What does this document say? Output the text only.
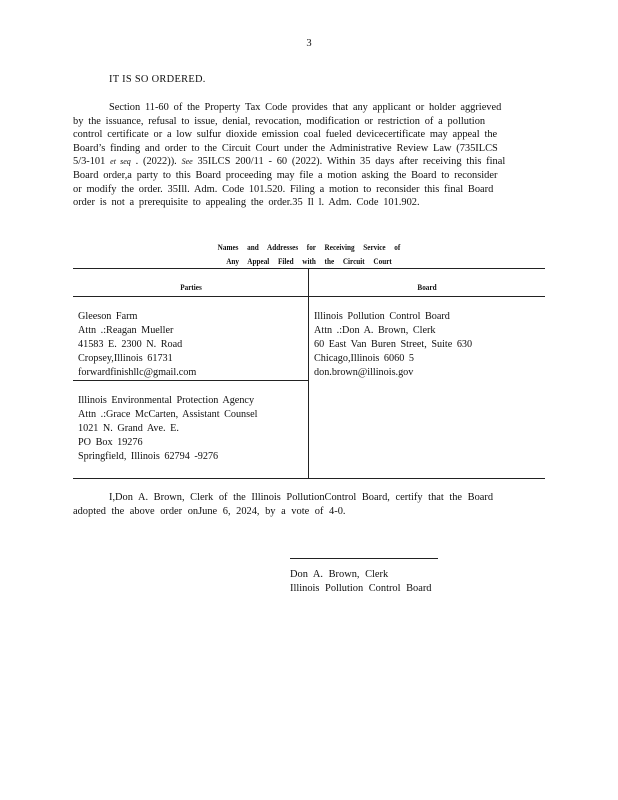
3
IT IS SO ORDERED.
Section 11-60 of the Property Tax Code provides that any applicant or holder aggrieved
by the issuance, refusal to issue, denial, revocation, modification or restriction of a pollution
control certificate or a low sulfur dioxide emission coal fueled devicecertificate may appeal the
Board’s finding and order to the Circuit Court under the Administrative Review Law (735ILCS
5/3-101 et seq . (2022)). See 35ILCS 200/11 - 60 (2022). Within 35 days after receiving this final
Board order,a party to this Board proceeding may file a motion asking the Board to reconsider
or modify the order. 35Ill. Adm. Code 101.520. Filing a motion to reconsider this final Board
order is not a prerequisite to appealing the order.35 Il l. Adm. Code 101.902.
Names and Addresses for Receiving Service of
Any Appeal Filed with the Circuit Court
Parties	Board
Gleeson Farm
Attn .:Reagan Mueller
41583 E. 2300 N. Road
Cropsey,Illinois 61731
forwardfinishllc@gmail.com
Illinois Environmental Protection Agency
Attn .:Grace McCarten, Assistant Counsel
1021 N. Grand Ave. E.
PO Box 19276
Springfield, Illinois 62794 -9276
Illinois Pollution Control Board
Attn .:Don A. Brown, Clerk
60 East Van Buren Street, Suite 630
Chicago,Illinois 6060 5
don.brown@illinois.gov
I,Don A. Brown, Clerk of the Illinois PollutionControl Board, certify that the Board
adopted the above order onJune 6, 2024, by a vote of 4-0.
Don A. Brown, Clerk
Illinois Pollution Control Board
